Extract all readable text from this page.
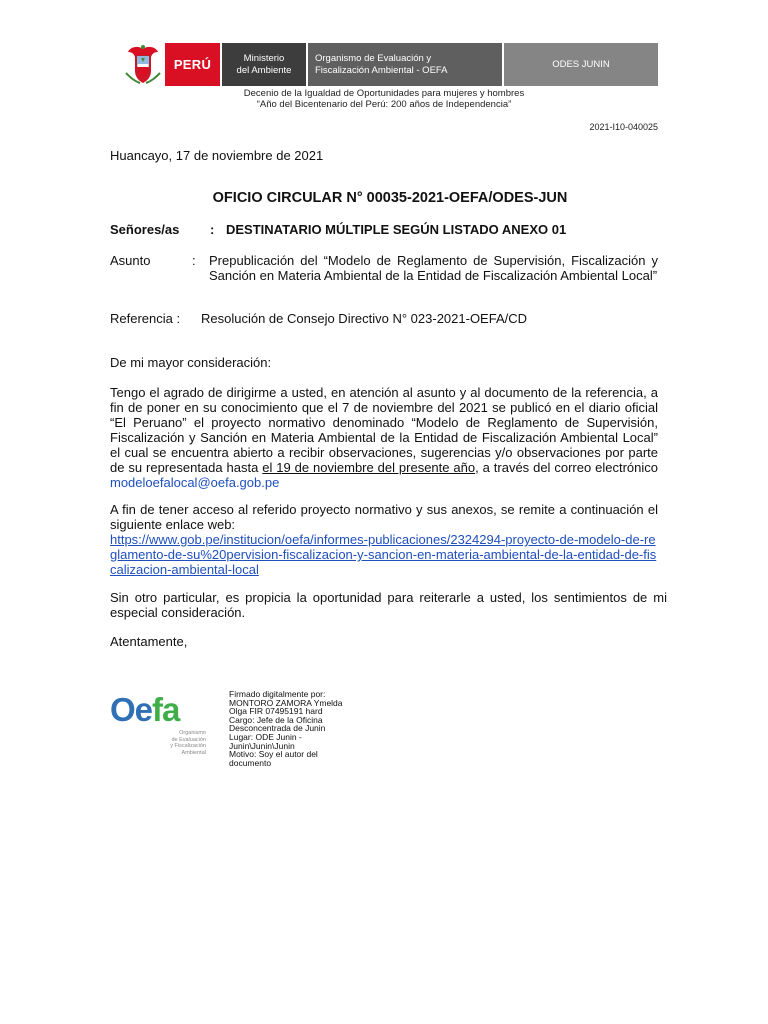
PERÚ	Ministerio
del Ambiente
Organismo de Evaluación y
Fiscalización Ambiental - OEFA	ODES JUNIN
Decenio de la Igualdad de Oportunidades para mujeres y hombres
“Año del Bicentenario del Perú: 200 años de Independencia”
2021-I10-040025
Huancayo, 17 de noviembre de 2021
OFICIO CIRCULAR N° 00035-2021-OEFA/ODES-JUN
Señores/as : DESTINATARIO MÚLTIPLE SEGÚN LISTADO ANEXO 01
Asunto	: Prepublicación del “Modelo de Reglamento de Supervisión, Fiscalización y Sanción en Materia Ambiental de la Entidad de Fiscalización Ambiental Local”
Referencia : Resolución de Consejo Directivo N° 023-2021-OEFA/CD
De mi mayor consideración:
Tengo el agrado de dirigirme a usted, en atención al asunto y al documento de la referencia, a fin de poner en su conocimiento que el 7 de noviembre del 2021 se publicó en el diario oficial “El Peruano” el proyecto normativo denominado “Modelo de Reglamento de Supervisión, Fiscalización y Sanción en Materia Ambiental de la Entidad de Fiscalización Ambiental Local” el cual se encuentra abierto a recibir observaciones, sugerencias y/o observaciones por parte de su representada hasta el 19 de noviembre del presente año, a través del correo electrónico modeloefalocal@oefa.gob.pe
A fin de tener acceso al referido proyecto normativo y sus anexos, se remite a continuación el siguiente enlace web:
https://www.gob.pe/institucion/oefa/informes-publicaciones/2324294-proyecto-de-modelo-de-reglamento-de-su%20pervision-fiscalizacion-y-sancion-en-materia-ambiental-de-la-entidad-de-fiscalizacion-ambiental-local
Sin otro particular, es propicia la oportunidad para reiterarle a usted, los sentimientos de mi especial consideración.
Atentamente,
Oefa
Organismo
de Evaluación
y Fiscalización
Ambiental
Firmado digitalmente por:
MONTORO ZAMORA Ymelda
Olga FIR 07495191 hard
Cargo: Jefe de la Oficina
Desconcentrada de Junin
Lugar: ODE Junin -
Junin\Junin\Junin
Motivo: Soy el autor del
documento
